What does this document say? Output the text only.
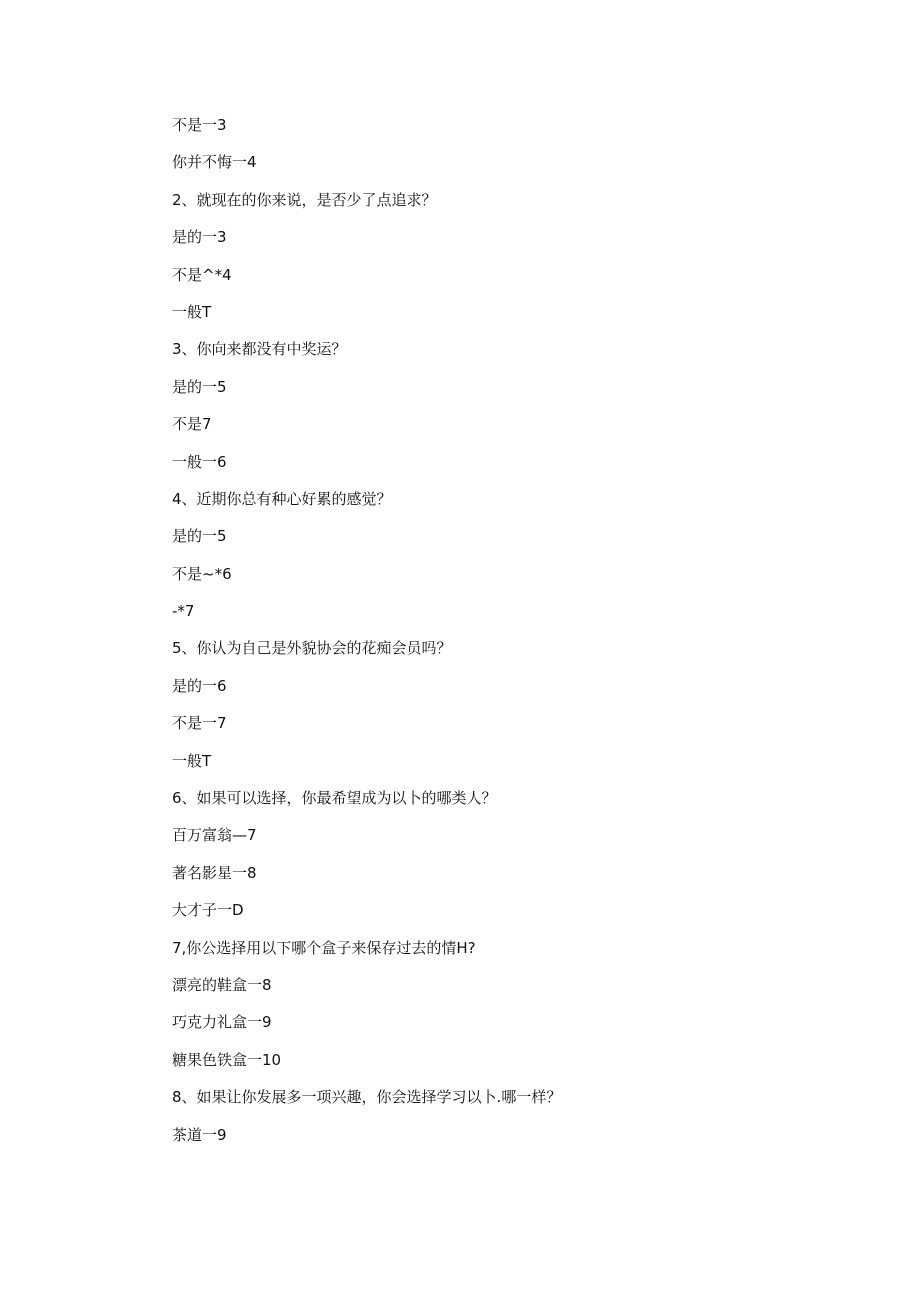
不是一3
你并不悔一4
2、就现在的你来说，是否少了点追求？
是的一3
不是^*4
一般T
3、你向来都没有中奖运？
是的一5
不是7
一般一6
4、近期你总有种心好累的感觉？
是的一5
不是~*6
-*7
5、你认为自己是外貌协会的花痴会员吗？
是的一6
不是一7
一般T
6、如果可以选择，你最希望成为以卜的哪类人？
百万富翁—7
著名影星一8
大才子一D
7,你公选择用以下哪个盒子来保存过去的情H?
漂亮的鞋盒一8
巧克力礼盒一9
糖果色铁盒一10
8、如果让你发展多一项兴趣，你会选择学习以卜.哪一样？
茶道一9
